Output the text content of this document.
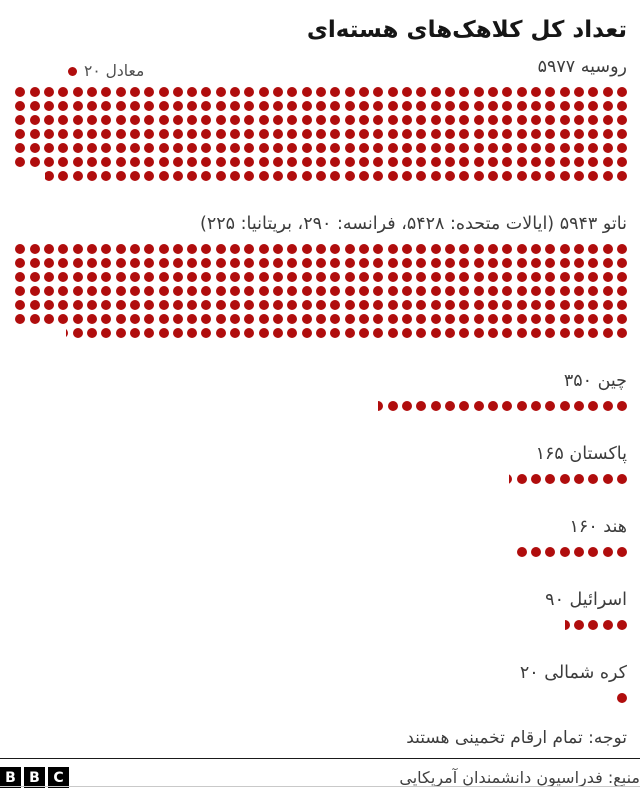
تعداد کل کلاهک‌های هسته‌ای
معادل ۲۰	روسیه ۵۹۷۷
ناتو ۵۹۴۳ (ایالات متحده: ۵۴۲۸، فرانسه: ۲۹۰، بریتانیا: ۲۲۵)
چین ۳۵۰
پاکستان ۱۶۵
هند ۱۶۰
اسرائیل ۹۰
کره شمالی ۲۰
توجه: تمام ارقام تخمینی هستند
منبع: فدراسیون دانشمندان آمریکایی
B B C
